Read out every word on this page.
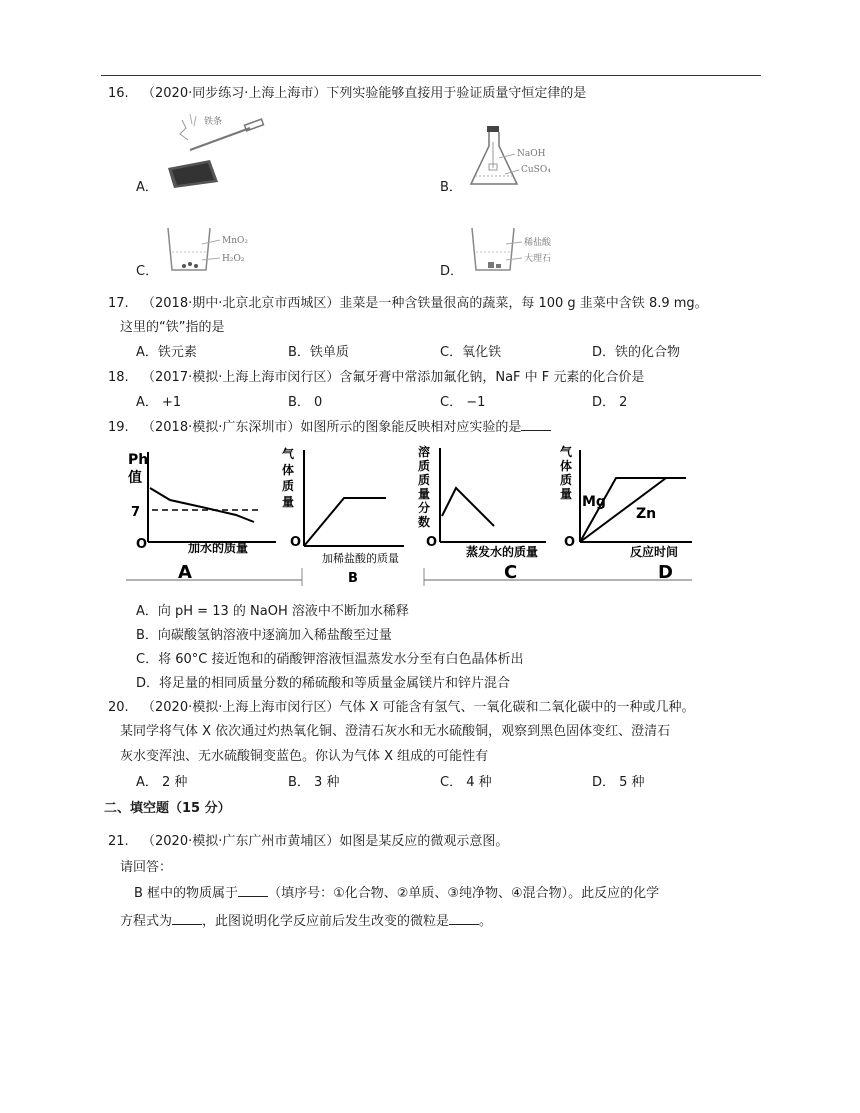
16. （2020·同步练习·上海上海市）下列实验能够直接用于验证质量守恒定律的是
A．
铁条
B．
NaOH
CuSO₄
C．
MnO₂
H₂O₂
D．
稀盐酸
大理石
17. （2018·期中·北京北京市西城区）韭菜是一种含铁量很高的蔬菜，每 100 g 韭菜中含铁 8.9 mg。
这里的“铁”指的是
A．铁元素	B．铁单质	C．氧化铁	D．铁的化合物
18. （2017·模拟·上海上海市闵行区）含氟牙膏中常添加氟化钠，NaF 中 F 元素的化合价是
A． +1	B． 0	C． −1	D． 2
19. （2018·模拟·广东深圳市）如图所示的图象能反映相对应实验的是
Ph
值
7
O	加水的质量
A
气
体
质
量
O
加稀盐酸的质量
B
溶
质
质
量
分
数
O
蒸发水的质量
C
气
体
质
量 Mg
Zn
O
反应时间
D
A．向 pH = 13 的 NaOH 溶液中不断加水稀释
B．向碳酸氢钠溶液中逐滴加入稀盐酸至过量
C．将 60°C 接近饱和的硝酸钾溶液恒温蒸发水分至有白色晶体析出
D．将足量的相同质量分数的稀硫酸和等质量金属镁片和锌片混合
20. （2020·模拟·上海上海市闵行区）气体 X 可能含有氢气、一氧化碳和二氧化碳中的一种或几种。
某同学将气体 X 依次通过灼热氧化铜、澄清石灰水和无水硫酸铜，观察到黑色固体变红、澄清石
灰水变浑浊、无水硫酸铜变蓝色。你认为气体 X 组成的可能性有
A． 2 种	B． 3 种	C． 4 种	D． 5 种
二、填空题（15 分）
21. （2020·模拟·广东广州市黄埔区）如图是某反应的微观示意图。
请回答：
B 框中的物质属于 （填序号：①化合物、②单质、③纯净物、④混合物）。此反应的化学
方程式为 ，此图说明化学反应前后发生改变的微粒是 。
